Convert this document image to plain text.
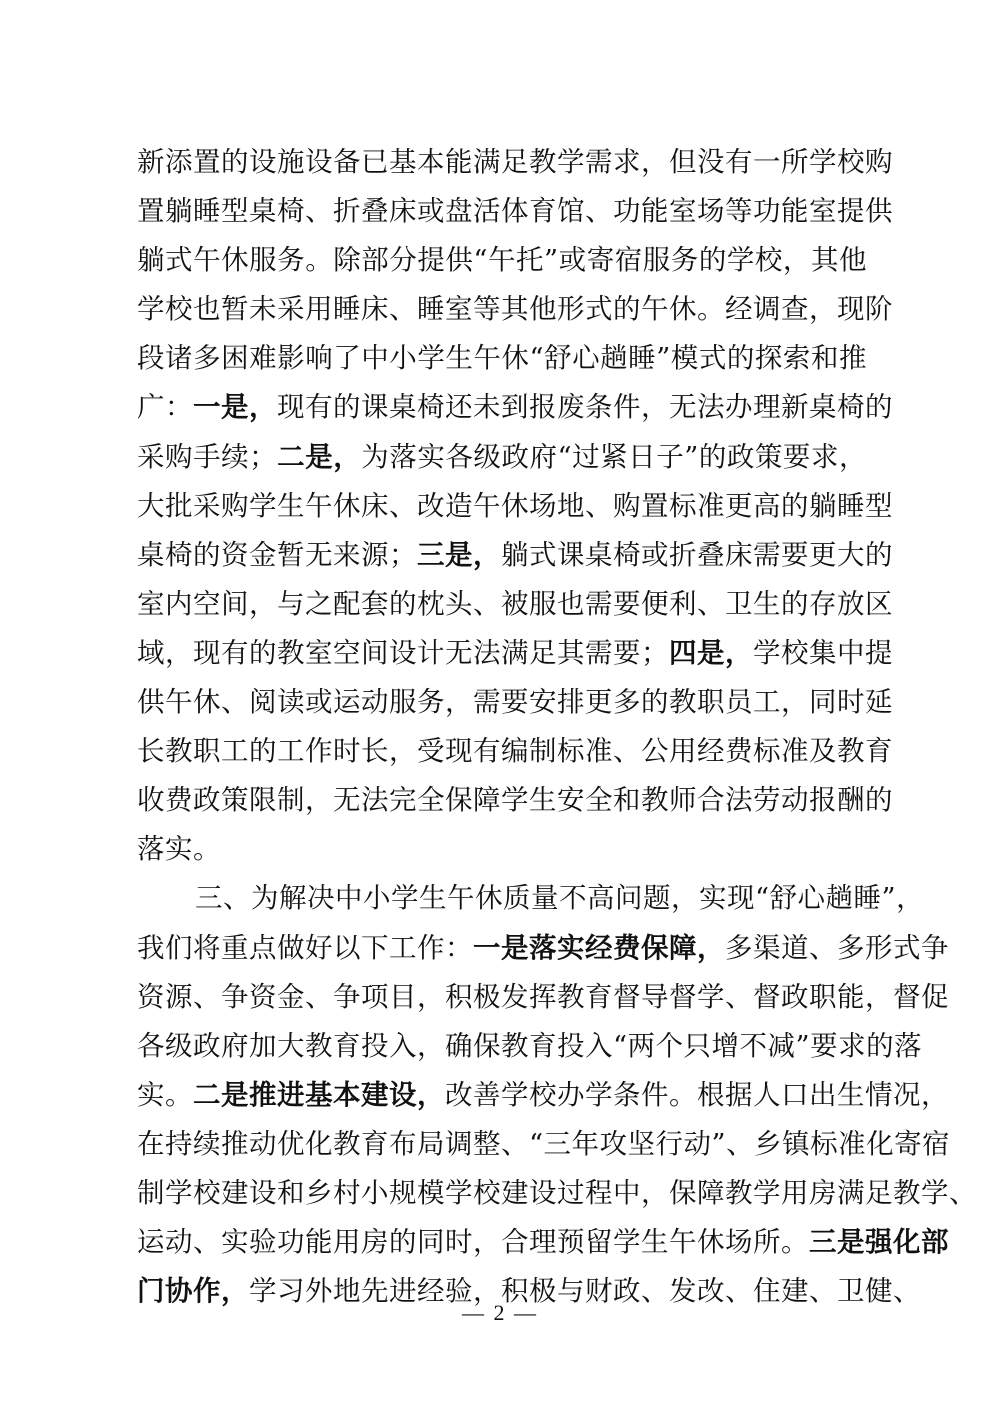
新添置的设施设备已基本能满足教学需求，但没有一所学校购
置躺睡型桌椅、折叠床或盘活体育馆、功能室场等功能室提供
躺式午休服务。除部分提供“午托”或寄宿服务的学校，其他
学校也暂未采用睡床、睡室等其他形式的午休。经调查，现阶
段诸多困难影响了中小学生午休“舒心趟睡”模式的探索和推
广：一是，现有的课桌椅还未到报废条件，无法办理新桌椅的
采购手续；二是，为落实各级政府“过紧日子”的政策要求，
大批采购学生午休床、改造午休场地、购置标准更高的躺睡型
桌椅的资金暂无来源；三是，躺式课桌椅或折叠床需要更大的
室内空间，与之配套的枕头、被服也需要便利、卫生的存放区
域，现有的教室空间设计无法满足其需要；四是，学校集中提
供午休、阅读或运动服务，需要安排更多的教职员工，同时延
长教职工的工作时长，受现有编制标准、公用经费标准及教育
收费政策限制，无法完全保障学生安全和教师合法劳动报酬的
落实。
三、为解决中小学生午休质量不高问题，实现“舒心趟睡”，
我们将重点做好以下工作：一是落实经费保障，多渠道、多形式争
资源、争资金、争项目，积极发挥教育督导督学、督政职能，督促
各级政府加大教育投入，确保教育投入“两个只增不减”要求的落
实。二是推进基本建设，改善学校办学条件。根据人口出生情况，
在持续推动优化教育布局调整、“三年攻坚行动”、乡镇标准化寄宿
制学校建设和乡村小规模学校建设过程中，保障教学用房满足教学、
运动、实验功能用房的同时，合理预留学生午休场所。三是强化部
门协作，学习外地先进经验，积极与财政、发改、住建、卫健、
— 2 —
